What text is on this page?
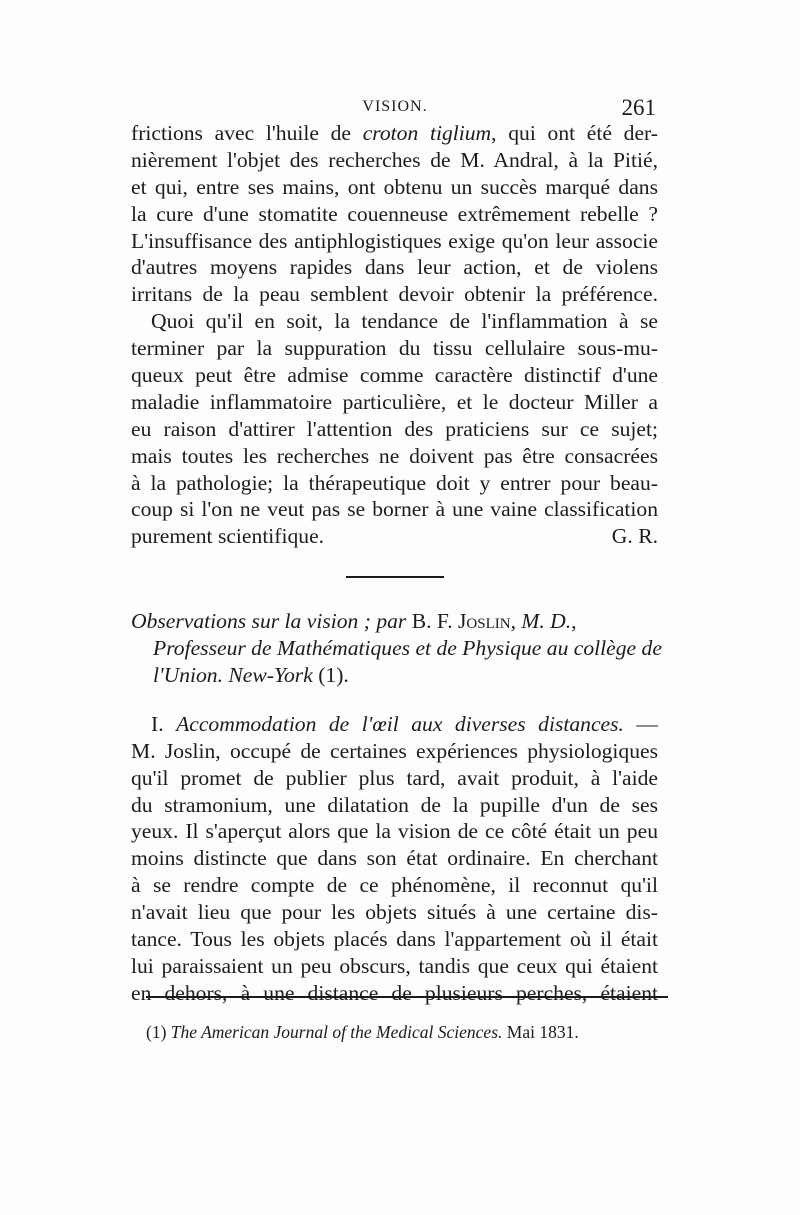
VISION.	261
frictions avec l'huile de croton tiglium, qui ont été der-
nièrement l'objet des recherches de M. Andral, à la Pitié,
et qui, entre ses mains, ont obtenu un succès marqué dans
la cure d'une stomatite couenneuse extrêmement rebelle ?
L'insuffisance des antiphlogistiques exige qu'on leur associe
d'autres moyens rapides dans leur action, et de violens
irritans de la peau semblent devoir obtenir la préférence.
Quoi qu'il en soit, la tendance de l'inflammation à se
terminer par la suppuration du tissu cellulaire sous-mu-
queux peut être admise comme caractère distinctif d'une
maladie inflammatoire particulière, et le docteur Miller a
eu raison d'attirer l'attention des praticiens sur ce sujet;
mais toutes les recherches ne doivent pas être consacrées
à la pathologie; la thérapeutique doit y entrer pour beau-
coup si l'on ne veut pas se borner à une vaine classification
purement scientifique.	G. R.
Observations sur la vision ; par B. F. Joslin, M. D.,
Professeur de Mathématiques et de Physique au collège de
l'Union. New-York (1).
I. Accommodation de l'œil aux diverses distances. —
M. Joslin, occupé de certaines expériences physiologiques
qu'il promet de publier plus tard, avait produit, à l'aide
du stramonium, une dilatation de la pupille d'un de ses
yeux. Il s'aperçut alors que la vision de ce côté était un peu
moins distincte que dans son état ordinaire. En cherchant
à se rendre compte de ce phénomène, il reconnut qu'il
n'avait lieu que pour les objets situés à une certaine dis-
tance. Tous les objets placés dans l'appartement où il était
lui paraissaient un peu obscurs, tandis que ceux qui étaient
en dehors, à une distance de plusieurs perches, étaient
(1) The American Journal of the Medical Sciences. Mai 1831.
